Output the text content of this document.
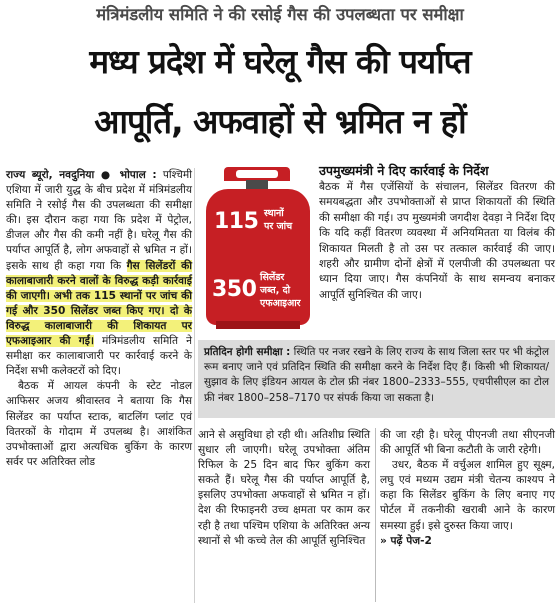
मंत्रिमंडलीय समिति ने की रसोई गैस की उपलब्धता पर समीक्षा
मध्य प्रदेश में घरेलू गैस की पर्याप्त
आपूर्ति, अफवाहों से भ्रमित न हों

राज्य ब्यूरो, नवदुनिया ● भोपाल : पश्चिमी एशिया में जारी युद्ध के बीच प्रदेश में मंत्रिमंडलीय समिति ने रसोई गैस की उपलब्धता की समीक्षा की। इस दौरान कहा गया कि प्रदेश में पेट्रोल, डीजल और गैस की कमी नहीं है। घरेलू गैस की पर्याप्त आपूर्ति है, लोग अफवाहों से भ्रमित न हों। इसके साथ ही कहा गया कि गैस सिलेंडरों की कालाबाजारी करने वालों के विरुद्ध कड़ी कार्रवाई की जाएगी। अभी तक 115 स्थानों पर जांच की गई और 350 सिलेंडर जब्त किए गए। दो के विरुद्ध कालाबाजारी की शिकायत पर एफआइआर की गईं। मंत्रिमंडलीय समिति ने समीक्षा कर कालाबाजारी पर कार्रवाई करने के निर्देश सभी कलेक्टरों को दिए।

बैठक में आयल कंपनी के स्टेट नोडल आफिसर अजय श्रीवास्तव ने बताया कि गैस सिलेंडर का पर्याप्त स्टाक, बाटलिंग प्लांट एवं वितरकों के गोदाम में उपलब्ध है। आशंकित उपभोक्ताओं द्वारा अत्यधिक बुकिंग के कारण सर्वर पर अतिरिक्त लोड

115 स्थानों
पर जांच
350 सिलेंडर
जब्त, दो
एफआइआर
उपमुख्यमंत्री ने दिए कार्रवाई के निर्देश
बैठक में गैस एजेंसियों के संचालन, सिलेंडर वितरण की समयबद्धता और उपभोक्ताओं से प्राप्त शिकायतों की स्थिति की समीक्षा की गई। उप मुख्यमंत्री जगदीश देवड़ा ने निर्देश दिए कि यदि कहीं वितरण व्यवस्था में अनियमितता या विलंब की शिकायत मिलती है तो उस पर तत्काल कार्रवाई की जाए। शहरी और ग्रामीण दोनों क्षेत्रों में एलपीजी की उपलब्धता पर ध्यान दिया जाए। गैस कंपनियों के साथ समन्वय बनाकर आपूर्ति सुनिश्चित की जाए।
प्रतिदिन होगी समीक्षा : स्थिति पर नजर रखने के लिए राज्य के साथ जिला स्तर पर भी कंट्रोल रूम बनाए जाने एवं प्रतिदिन स्थिति की समीक्षा करने के निर्देश दिए हैं। किसी भी शिकायत/सुझाव के लिए इंडियन आयल के टोल फ्री नंबर 1800–2333–555, एचपीसीएल का टोल फ्री नंबर 1800–258–7170 पर संपर्क किया जा सकता है।
आने से असुविधा हो रही थी। अतिशीघ्र स्थिति सुधार ली जाएगी। घरेलू उपभोक्ता अंतिम रिफिल के 25 दिन बाद फिर बुकिंग करा सकते हैं। घरेलू गैस की पर्याप्त आपूर्ति है, इसलिए उपभोक्ता अफवाहों से भ्रमित न हों। देश की रिफाइनरी उच्च क्षमता पर काम कर रही है तथा पश्चिम एशिया के अतिरिक्त अन्य स्थानों से भी कच्चे तेल की आपूर्ति सुनिश्चित

की जा रही है। घरेलू पीएनजी तथा सीएनजी की आपूर्ति भी बिना कटौती के जारी रहेगी।

उधर, बैठक में वर्चुअल शामिल हुए सूक्ष्म, लघु एवं मध्यम उद्यम मंत्री चेतन्य काश्यप ने कहा कि सिलेंडर बुकिंग के लिए बनाए गए पोर्टल में तकनीकी खराबी आने के कारण समस्या हुई। इसे दुरुस्त किया जाए।

» पढ़ें पेज-2
